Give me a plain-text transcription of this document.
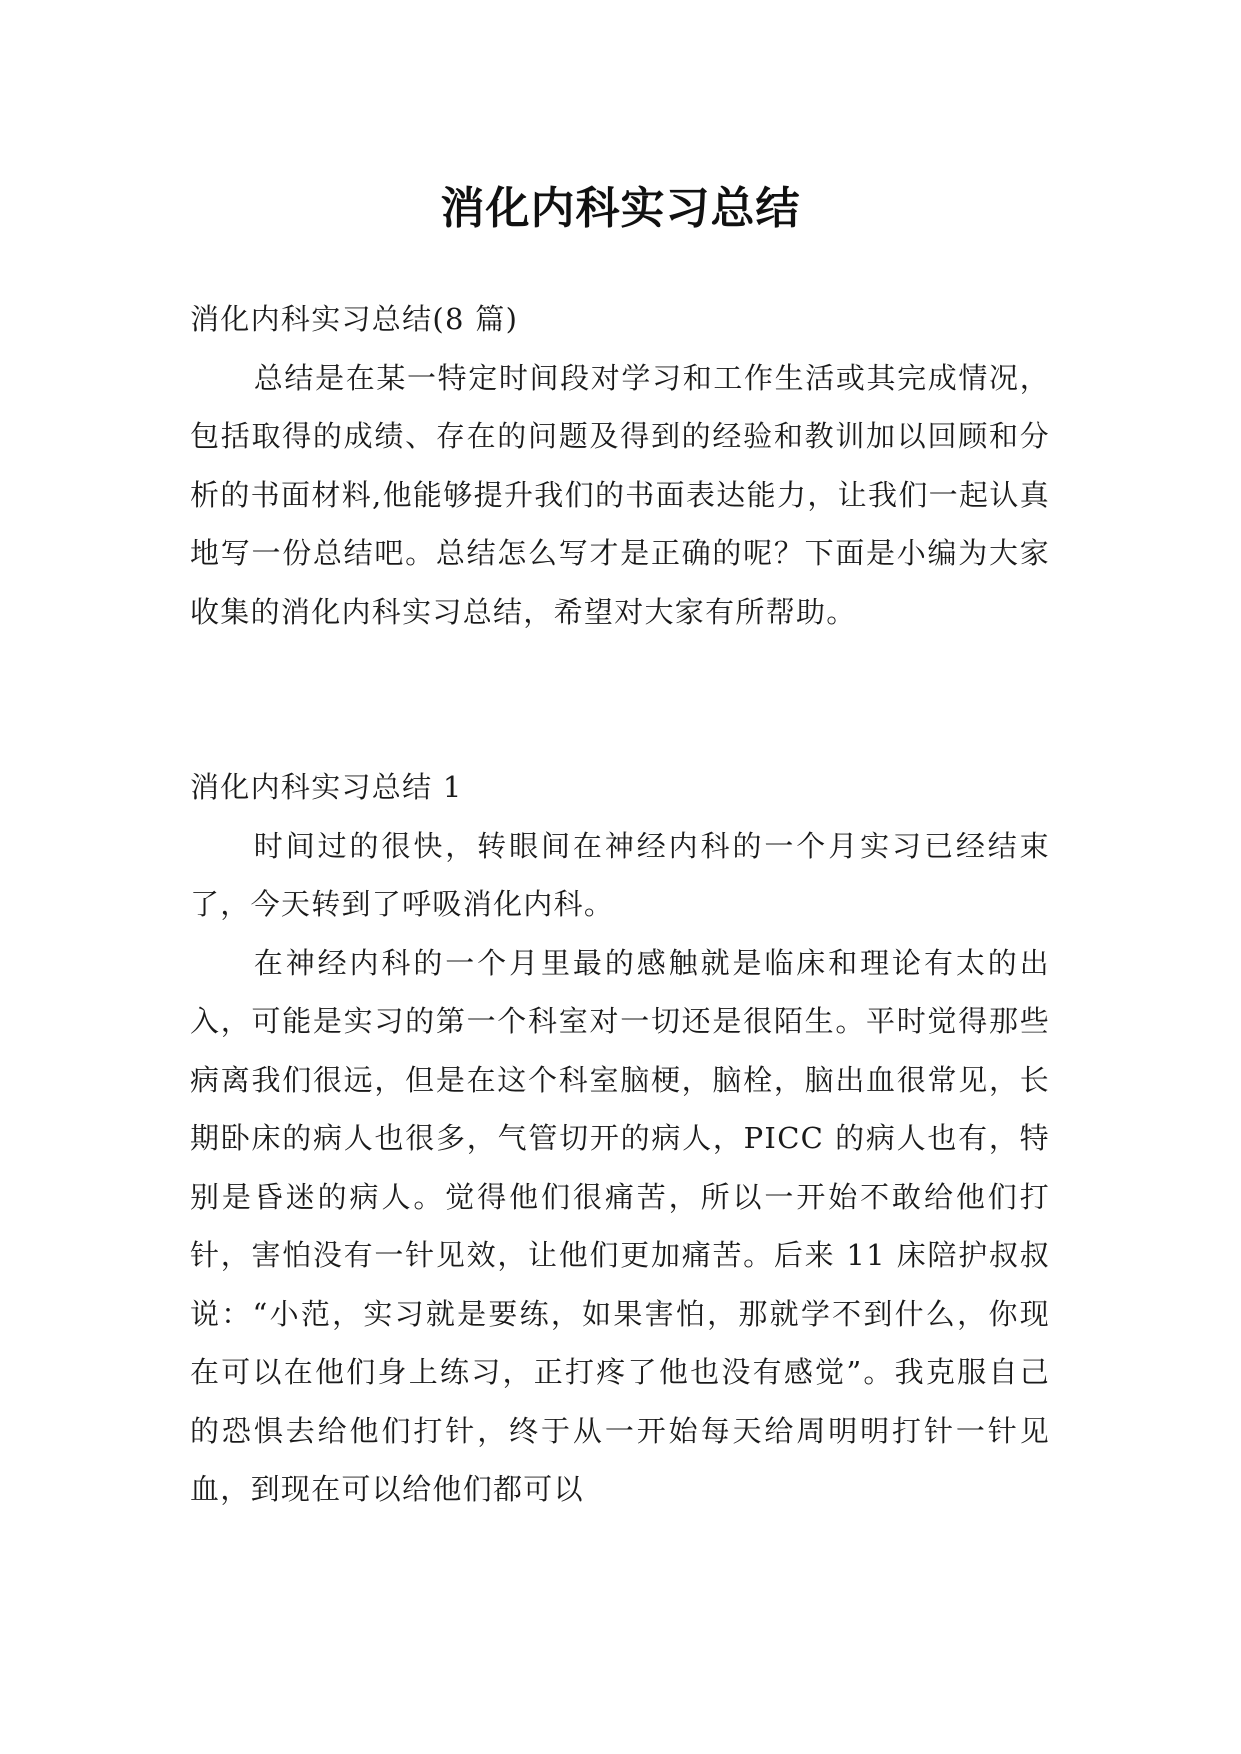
消化内科实习总结

消化内科实习总结(8 篇)

总结是在某一特定时间段对学习和工作生活或其完成情况，包括取得的成绩、存在的问题及得到的经验和教训加以回顾和分析的书面材料,他能够提升我们的书面表达能力，让我们一起认真地写一份总结吧。总结怎么写才是正确的呢？下面是小编为大家收集的消化内科实习总结，希望对大家有所帮助。

消化内科实习总结 1

时间过的很快，转眼间在神经内科的一个月实习已经结束了，今天转到了呼吸消化内科。

在神经内科的一个月里最的感触就是临床和理论有太的出入，可能是实习的第一个科室对一切还是很陌生。平时觉得那些病离我们很远，但是在这个科室脑梗，脑栓，脑出血很常见，长期卧床的病人也很多，气管切开的病人，PICC 的病人也有，特别是昏迷的病人。觉得他们很痛苦，所以一开始不敢给他们打针，害怕没有一针见效，让他们更加痛苦。后来 11 床陪护叔叔说：“小范，实习就是要练，如果害怕，那就学不到什么，你现在可以在他们身上练习，正打疼了他也没有感觉”。我克服自己的恐惧去给他们打针，终于从一开始每天给周明明打针一针见血，到现在可以给他们都可以
